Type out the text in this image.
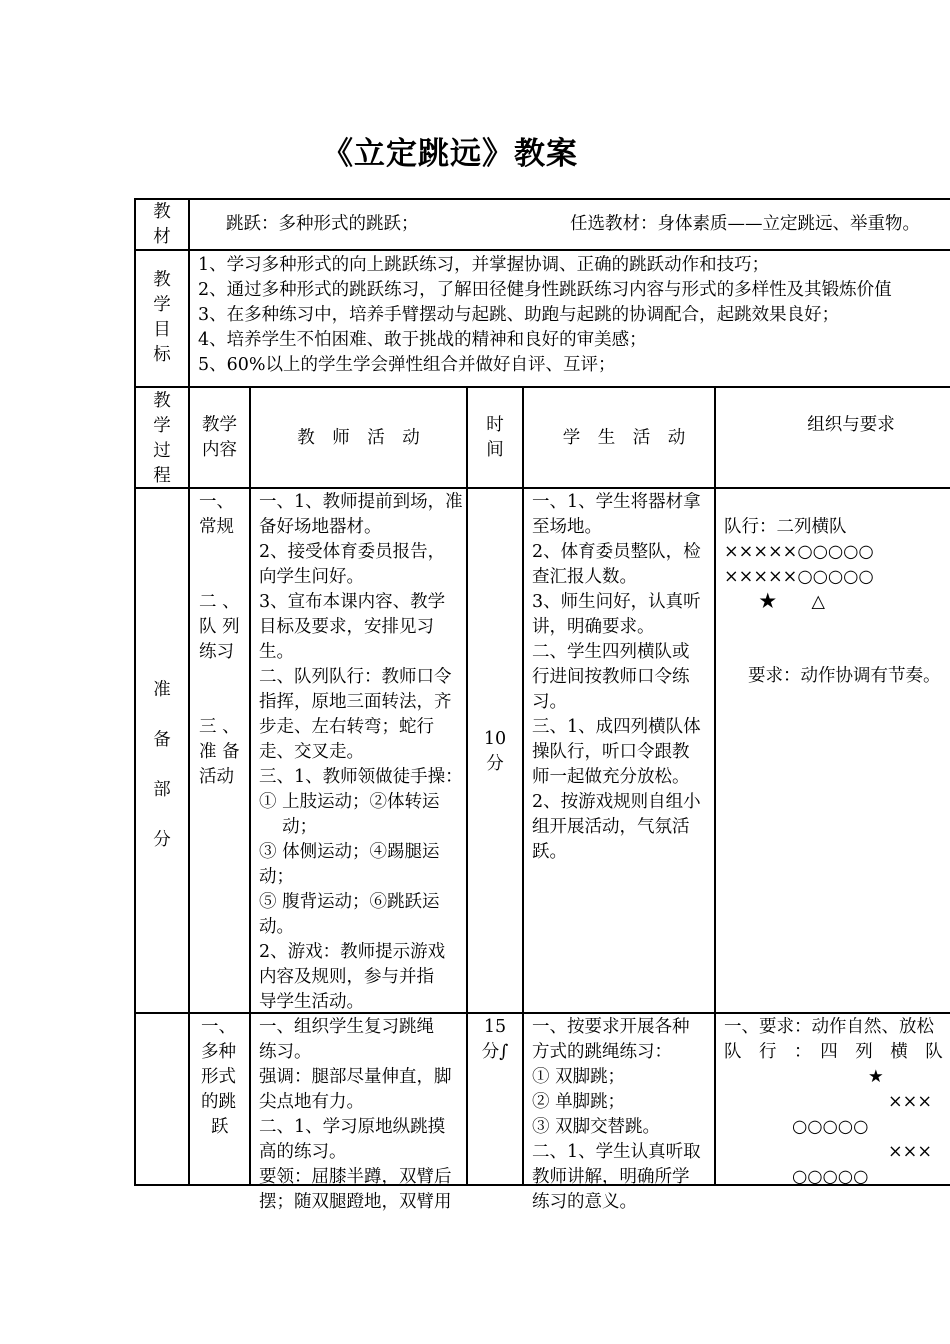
《立定跳远》教案
教
材
跳跃：多种形式的跳跃；	任选教材：身体素质——立定跳远、举重物。
教
学
目
标
1、学习多种形式的向上跳跃练习，并掌握协调、正确的跳跃动作和技巧；
2、通过多种形式的跳跃练习，了解田径健身性跳跃练习内容与形式的多样性及其锻炼价值
3、在多种练习中，培养手臂摆动与起跳、助跑与起跳的协调配合，起跳效果良好；
4、培养学生不怕困难、敢于挑战的精神和良好的审美感；
5、60%以上的学生学会弹性组合并做好自评、互评；
教
学
过
程
教学
内容
教　师　活　动
时
间
学　生　活　动
组织与要求
准
备
部
分
一、
常规
二 、
队 列
练习
三 、
准 备
活动
一、1、教师提前到场，准
备好场地器材。
2、接受体育委员报告，
向学生问好。
3、宣布本课内容、教学
目标及要求，安排见习
生。
二、队列队行：教师口令
指挥，原地三面转法，齐
步走、左右转弯；蛇行
走、交叉走。
三、1、教师领做徒手操：
① 上肢运动；②体转运
　 动；
③ 体侧运动；④踢腿运
动；
⑤ 腹背运动；⑥跳跃运
动。
2、游戏：教师提示游戏
内容及规则，参与并指
导学生活动。
10
分
一、1、学生将器材拿
至场地。
2、体育委员整队，检
查汇报人数。
3、师生问好，认真听
讲，明确要求。
二、学生四列横队或
行进间按教师口令练
习。
三、1、成四列横队体
操队行，听口令跟教
师一起做充分放松。
2、按游戏规则自组小
组开展活动，气氛活
跃。
队行：二列横队
×××××○○○○○
×××××○○○○○
　　★　　△
要求：动作协调有节奏。
一、
多种
形式
的跳
跃
一、组织学生复习跳绳
练习。
强调：腿部尽量伸直，脚
尖点地有力。
二、1、学习原地纵跳摸
高的练习。
要领：屈膝半蹲，双臂后
摆；随双腿蹬地，双臂用
15
分∫
一、按要求开展各种
方式的跳绳练习：
① 双脚跳；
② 单脚跳；
③ 双脚交替跳。
二、1、学生认真听取
教师讲解，明确所学
练习的意义。
一、要求：动作自然、放松
队　行　：　四　列　横　队
★
×××
○○○○○
×××
○○○○○
